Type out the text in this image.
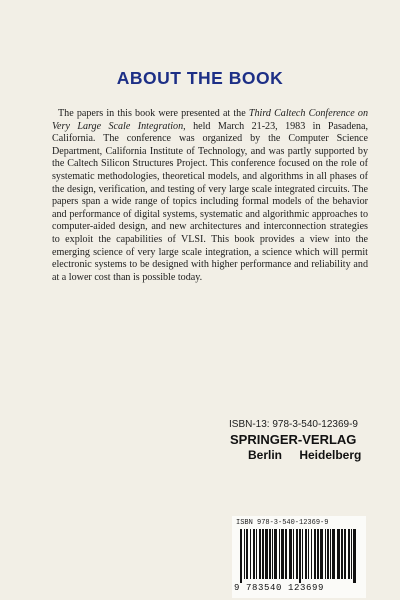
ABOUT THE BOOK

The papers in this book were presented at the Third Caltech Conference on Very Large Scale Integration, held March 21-23, 1983 in Pasadena, California. The conference was organized by the Computer Science Department, California Institute of Technology, and was partly supported by the Caltech Silicon Structures Project. This conference focused on the role of systematic methodologies, theoretical models, and algorithms in all phases of the design, verification, and testing of very large scale integrated circuits. The papers span a wide range of topics including formal models of the behavior and performance of digital systems, systematic and algorithmic approaches to computer-aided design, and new architectures and interconnection strategies to exploit the capabilities of VLSI. This book provides a view into the emerging science of very large scale integration, a science which will permit electronic systems to be designed with higher performance and reliability and at a lower cost than is possible today.

ISBN-13: 978-3-540-12369-9
SPRINGER-VERLAG
Berlin Heidelberg
ISBN 978-3-540-12369-9
9 783540 123699
